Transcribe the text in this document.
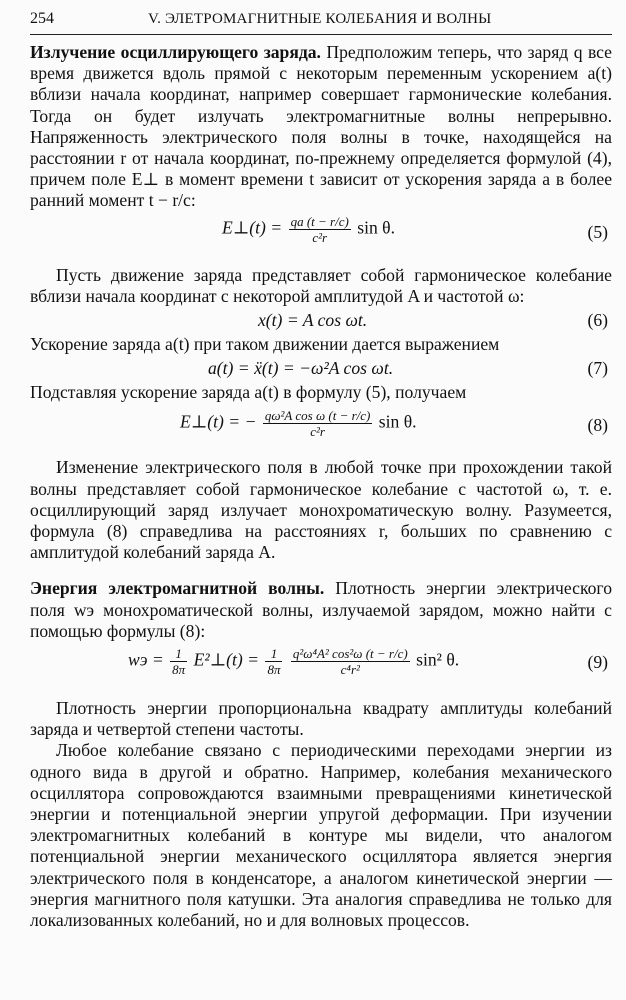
254	V. ЭЛЕТРОМАГНИТНЫЕ КОЛЕБАНИЯ И ВОЛНЫ

Излучение осциллирующего заряда. Предположим теперь, что заряд q все время движется вдоль прямой с некоторым переменным ускорением a(t) вблизи начала координат, например совершает гармонические колебания. Тогда он будет излучать электромагнитные волны непрерывно. Напряженность электрического поля волны в точке, находящейся на расстоянии r от начала координат, по-прежнему определяется формулой (4), причем поле E⊥ в момент времени t зависит от ускорения заряда a в более ранний момент t − r/c:

E⊥(t) = $\frac{qa (t - r/c)}{\text{c²r}}$ sin θ.	(5)

Пусть движение заряда представляет собой гармоническое колебание вблизи начала координат с некоторой амплитудой A и частотой ω:

x(t) = A cos ωt.	(6)

Ускорение заряда a(t) при таком движении дается выражением

a(t) = ẍ(t) = −ω²A cos ωt.	(7)

Подставляя ускорение заряда a(t) в формулу (5), получаем

E⊥(t) = − $\frac{\text{qω²A cos ω (t − r/c)}}{\text{c²r}}$ sin θ.	(8)

Изменение электрического поля в любой точке при прохождении такой волны представляет собой гармоническое колебание с частотой ω, т. е. осциллирующий заряд излучает монохроматическую волну. Разумеется, формула (8) справедлива на расстояниях r, больших по сравнению с амплитудой колебаний заряда A.

Энергия электромагнитной волны. Плотность энергии электрического поля wэ монохроматической волны, излучаемой зарядом, можно найти с помощью формулы (8):

wэ = $\frac{1}{8\pi}$ E²⊥(t) = $\frac{1}{8\pi}$
$\frac{\text{q²ω⁴A² cos²ω (t − r/c)}}{\text{c⁴r²}} \sin^2$ θ.	(9)

Плотность энергии пропорциональна квадрату амплитуды колебаний заряда и четвертой степени частоты.

Любое колебание связано с периодическими переходами энергии из одного вида в другой и обратно. Например, колебания механического осциллятора сопровождаются взаимными превращениями кинетической энергии и потенциальной энергии упругой деформации. При изучении электромагнитных колебаний в контуре мы видели, что аналогом потенциальной энергии механического осциллятора является энергия электрического поля в конденсаторе, а аналогом кинетической энергии — энергия магнитного поля катушки. Эта аналогия справедлива не только для локализованных колебаний, но и для волновых процессов.
